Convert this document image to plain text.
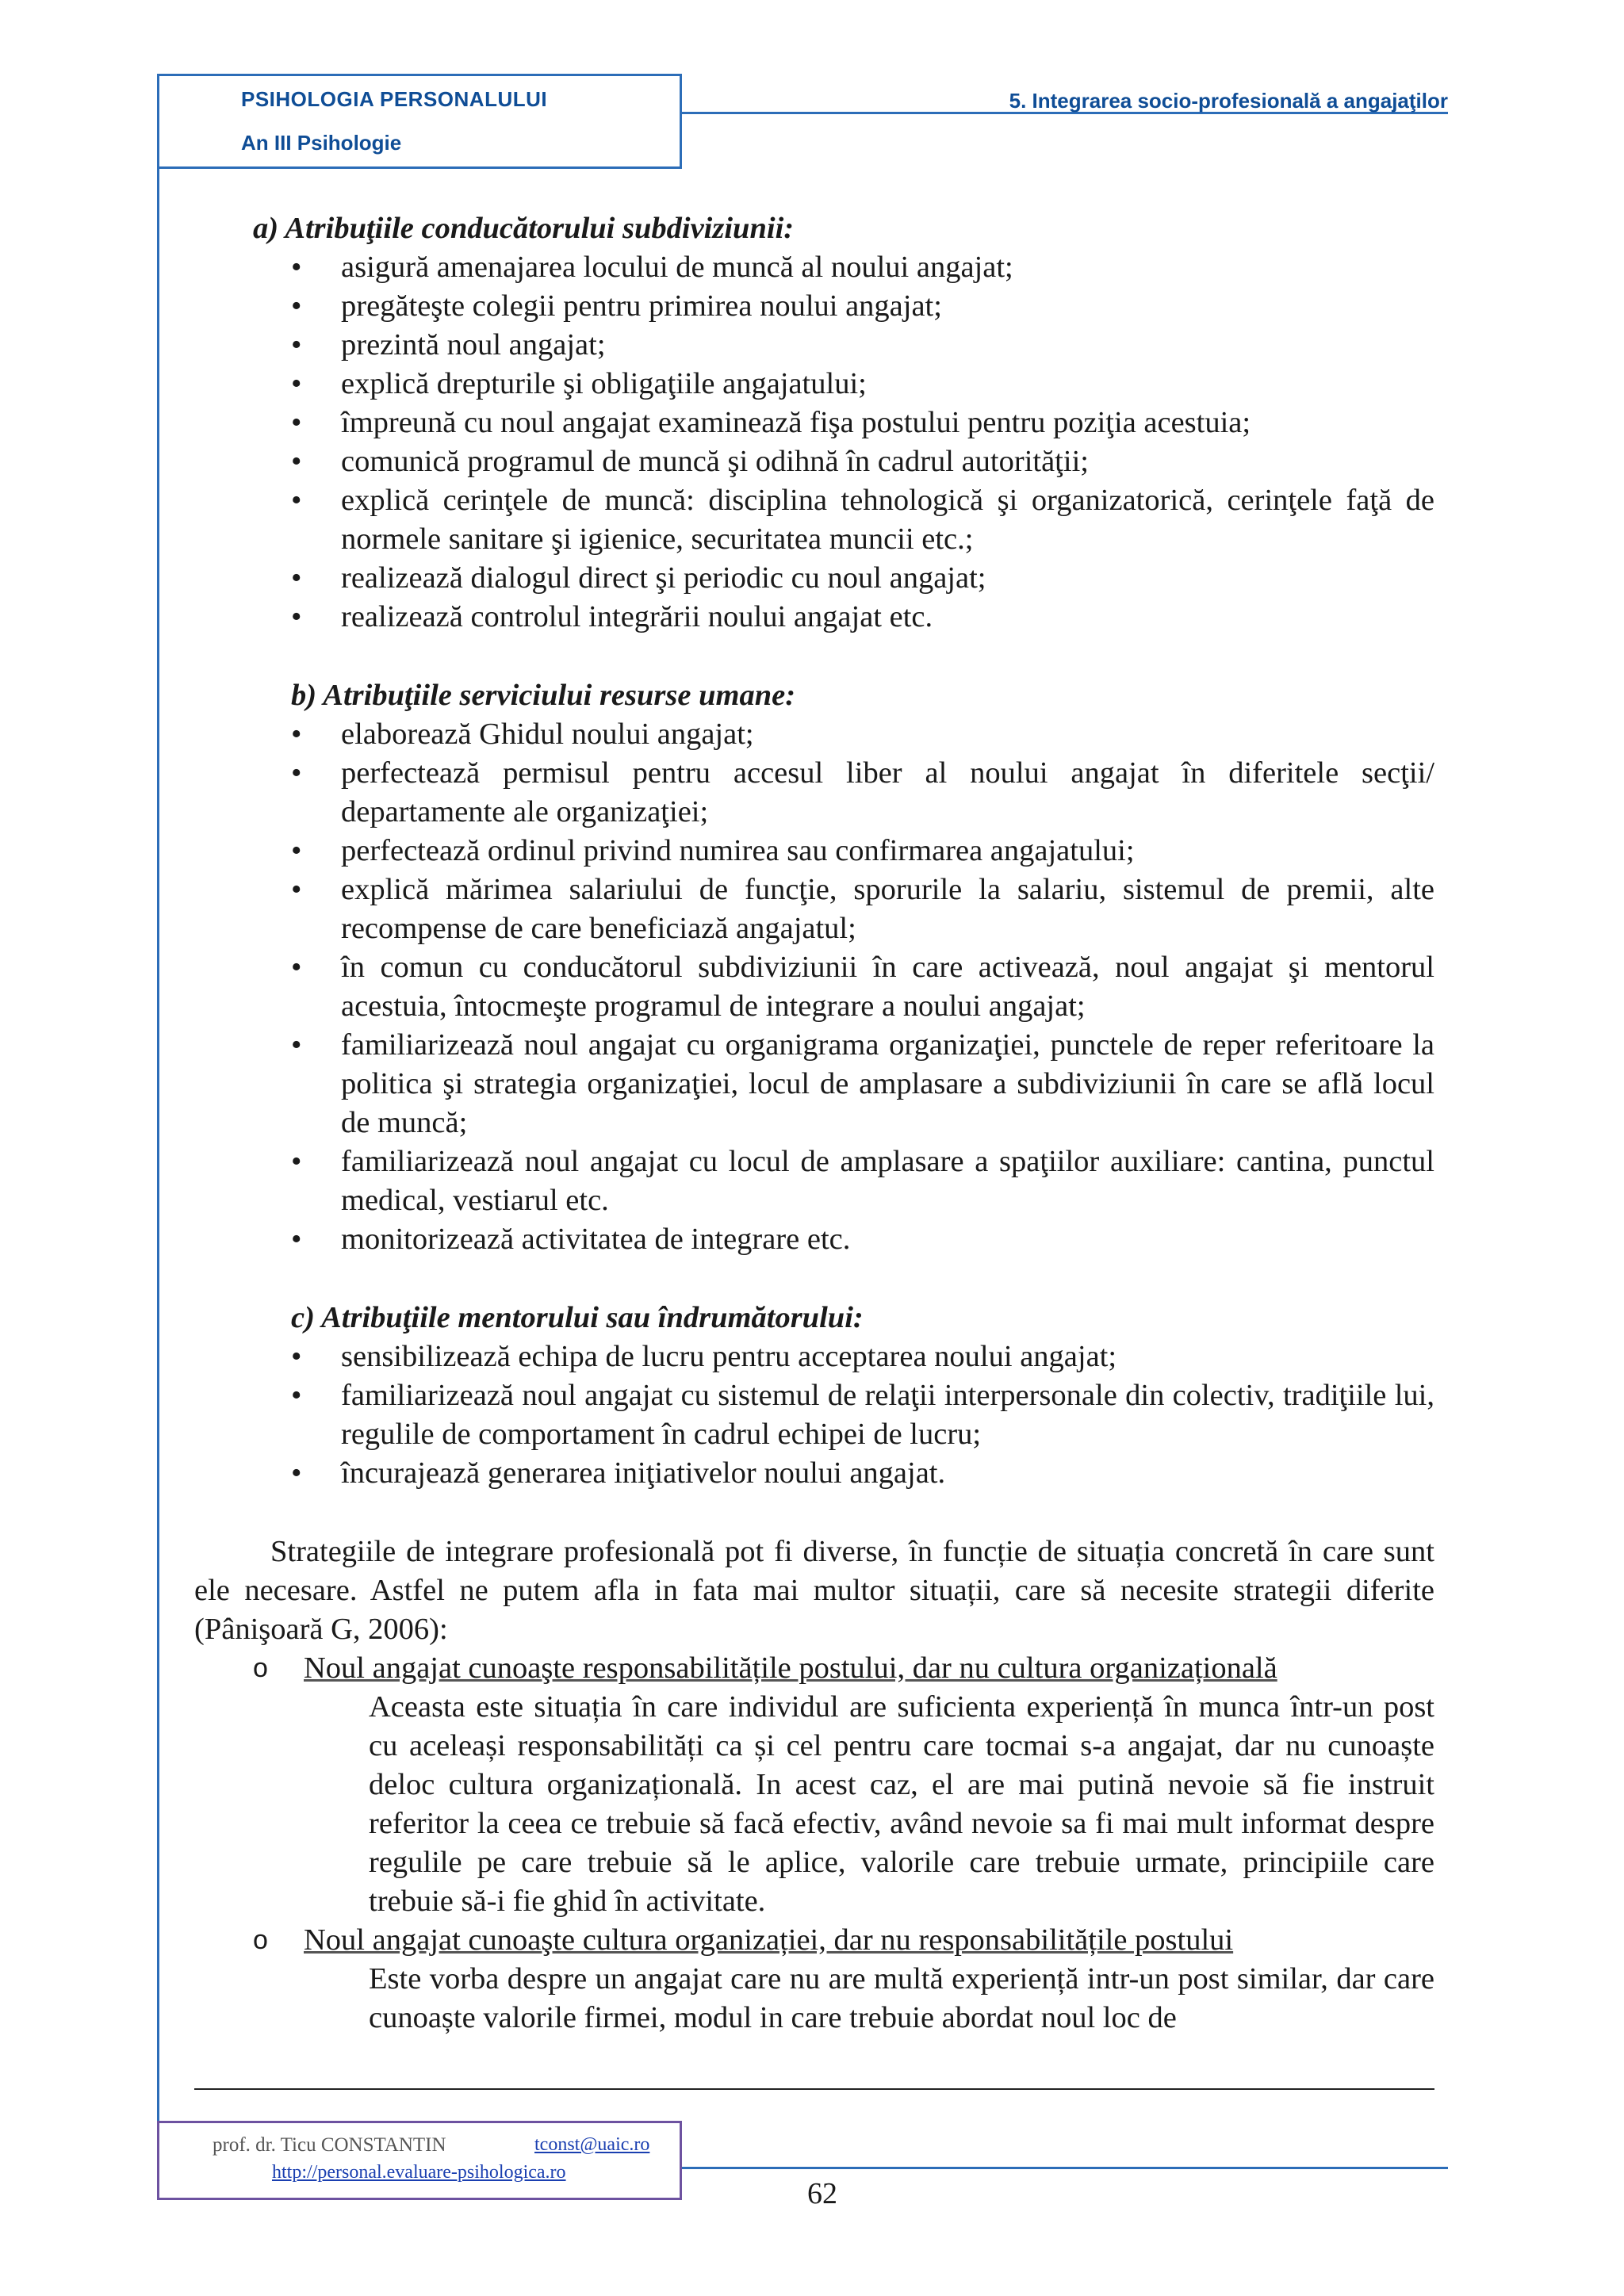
PSIHOLOGIA PERSONALULUI
An III Psihologie
5. Integrarea socio-profesională a angajaţilor
a) Atribuţiile conducătorului subdiviziunii:
• asigură amenajarea locului de muncă al noului angajat;
• pregăteşte colegii pentru primirea noului angajat;
• prezintă noul angajat;
• explică drepturile şi obligaţiile angajatului;
• împreună cu noul angajat examinează fişa postului pentru poziţia acestuia;
• comunică programul de muncă şi odihnă în cadrul autorităţii;
• explică cerinţele de muncă: disciplina tehnologică şi organizatorică, cerinţele faţă de normele sanitare şi igienice, securitatea muncii etc.;
• realizează dialogul direct şi periodic cu noul angajat;
• realizează controlul integrării noului angajat etc.
b) Atribuţiile serviciului resurse umane:
• elaborează Ghidul noului angajat;
• perfectează permisul pentru accesul liber al noului angajat în diferitele secţii/ departamente ale organizaţiei;
• perfectează ordinul privind numirea sau confirmarea angajatului;
• explică mărimea salariului de funcţie, sporurile la salariu, sistemul de premii, alte recompense de care beneficiază angajatul;
• în comun cu conducătorul subdiviziunii în care activează, noul angajat şi mentorul acestuia, întocmeşte programul de integrare a noului angajat;
• familiarizează noul angajat cu organigrama organizaţiei, punctele de reper referitoare la politica şi strategia organizaţiei, locul de amplasare a subdiviziunii în care se află locul de muncă;
• familiarizează noul angajat cu locul de amplasare a spaţiilor auxiliare: cantina, punctul medical, vestiarul etc.
• monitorizează activitatea de integrare etc.
c) Atribuţiile mentorului sau îndrumătorului:
• sensibilizează echipa de lucru pentru acceptarea noului angajat;
• familiarizează noul angajat cu sistemul de relaţii interpersonale din colectiv, tradiţiile lui, regulile de comportament în cadrul echipei de lucru;
• încurajează generarea iniţiativelor noului angajat.

Strategiile de integrare profesională pot fi diverse, în funcție de situația concretă în care sunt ele necesare. Astfel ne putem afla in fata mai multor situații, care să necesite strategii diferite (Pânişoară G, 2006):

o Noul angajat cunoaşte responsabilitățile postului, dar nu cultura organizațională
Aceasta este situația în care individul are suficienta experiență în munca într-un post cu aceleași responsabilități ca și cel pentru care tocmai s-a angajat, dar nu cunoaște deloc cultura organizațională. In acest caz, el are mai putină nevoie să fie instruit referitor la ceea ce trebuie să facă efectiv, având nevoie sa fi mai mult informat despre regulile pe care trebuie să le aplice, valorile care trebuie urmate, principiile care trebuie să-i fie ghid în activitate.
o Noul angajat cunoaşte cultura organizației, dar nu responsabilitățile postului
Este vorba despre un angajat care nu are multă experiență intr-un post similar, dar care cunoaște valorile firmei, modul in care trebuie abordat noul loc de
prof. dr. Ticu CONSTANTIN	tconst@uaic.ro
http://personal.evaluare-psihologica.ro
62
